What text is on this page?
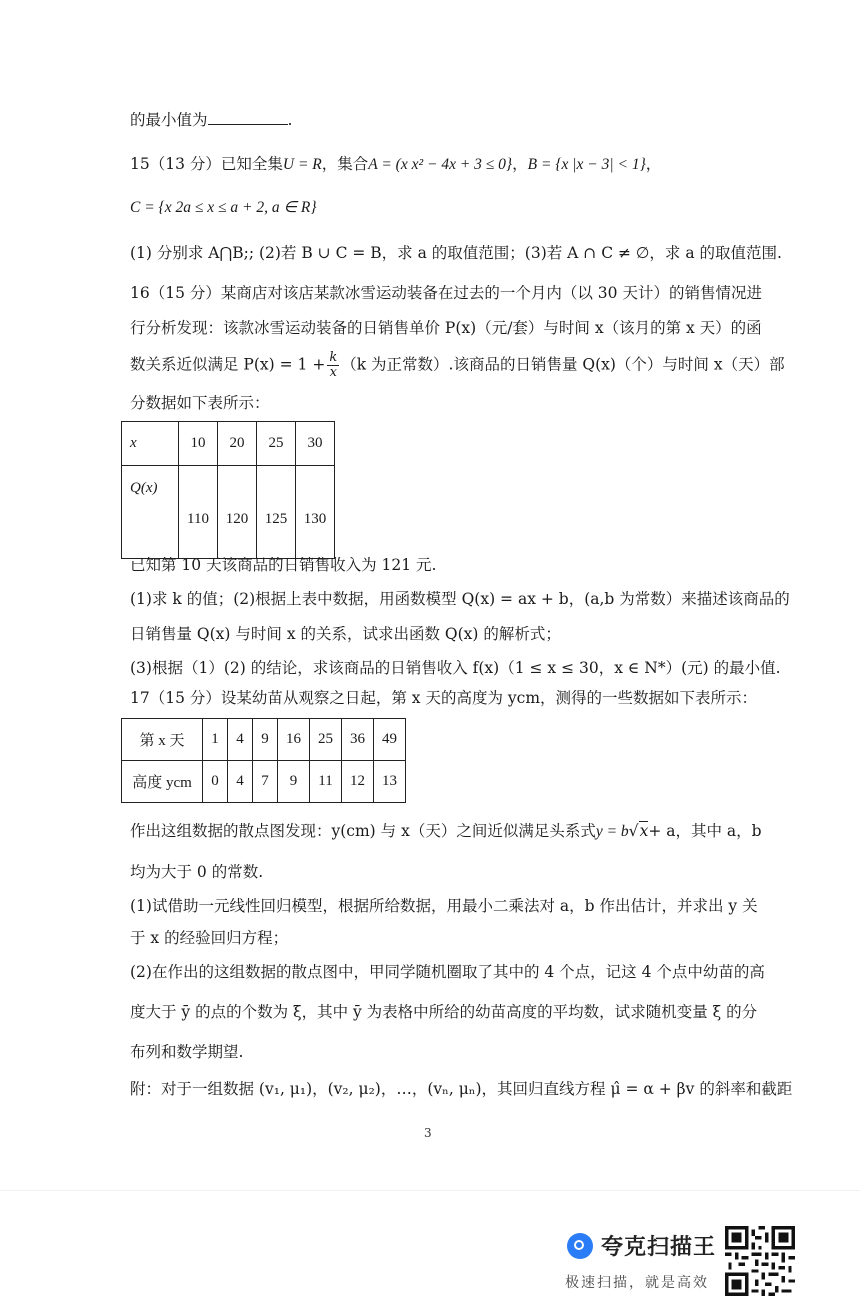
的最小值为	.
15（13 分）已知全集U = R，集合A = (x x² − 4x + 3 ≤ 0}，B = {x |x − 3| < 1}，
C = {x 2a ≤ x ≤ a + 2, a ∈ R}
(1) 分别求 A⋂B;; (2)若 B ∪ C = B，求 a 的取值范围；(3)若 A ∩ C ≠ ∅，求 a 的取值范围.
16（15 分）某商店对该店某款冰雪运动装备在过去的一个月内（以 30 天计）的销售情况进
行分析发现：该款冰雪运动装备的日销售单价 P(x)（元/套）与时间 x（该月的第 x 天）的函
数关系近似满足 $P(x) = 1 + \frac{k}{x} (k$ 为正常数）.该商品的日销售量 Q(x)（个）与时间 x（天）部
分数据如下表所示：
x	10	20	25	30
Q(x)	110	120	125	130
已知第 10 天该商品的日销售收入为 121 元.
(1)求 k 的值；(2)根据上表中数据，用函数模型 Q(x) = ax + b，(a,b 为常数）来描述该商品的
日销售量 Q(x) 与时间 x 的关系，试求出函数 Q(x) 的解析式；
(3)根据（1）(2) 的结论，求该商品的日销售收入 f(x)（1 ≤ x ≤ 30，x ∈ N*）(元) 的最小值.
17（15 分）设某幼苗从观察之日起，第 x 天的高度为 ycm，测得的一些数据如下表所示：
第 x 天	1	4	9	16	25	36	49
高度 ycm	0	4	7	9	11	12	13
作出这组数据的散点图发现：y(cm) 与 x（天）之间近似满足头系式y = b√x+ a，其中 a，b
均为大于 0 的常数.
(1)试借助一元线性回归模型，根据所给数据，用最小二乘法对 a，b 作出估计，并求出 y 关
于 x 的经验回归方程；
(2)在作出的这组数据的散点图中，甲同学随机圈取了其中的 4 个点，记这 4 个点中幼苗的高
度大于 ȳ 的点的个数为 ξ，其中 ȳ 为表格中所给的幼苗高度的平均数，试求随机变量 ξ 的分
布列和数学期望.
附：对于一组数据 (v₁, μ₁)，(v₂, μ₂)，…，(vₙ, μₙ)，其回归直线方程 μ̂ = α + βv 的斜率和截距
3
夸克扫描王
极速扫描，就是高效
